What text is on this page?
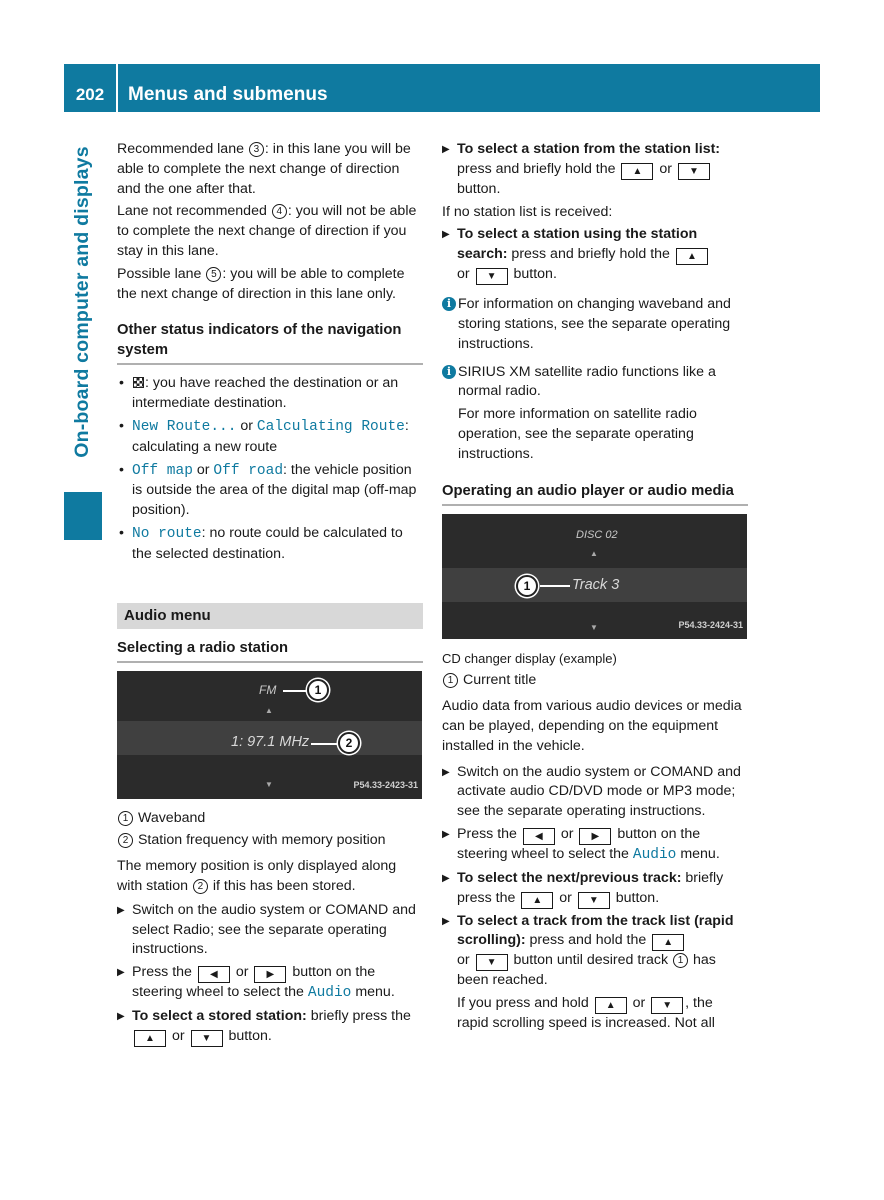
202	Menus and submenus
On-board computer and displays Recommended lane 3 : in this lane you will be able to complete the next change of direction and the one after that.

Lane not recommended 4 : you will not be able to complete the next change of direction if you stay in this lane.

Possible lane 5 : you will be able to complete the next change of direction in this lane only.

Other status indicators of the navigation system
• : you have reached the destination or an intermediate destination.
• New Route... or Calculating Route: calculating a new route
• Off map or Off road: the vehicle position is outside the area of the digital map (off-map position).
• No route: no route could be calculated to the selected destination.
Audio menu
Selecting a radio station
FM	1
▲
1: 97.1 MHz	2
▼	P54.33-2423-31

1 Waveband

2 Station frequency with memory position

The memory position is only displayed along with station 2 if this has been stored.

▶ Switch on the audio system or COMAND and select Radio; see the separate operating instructions.
▶ Press the ◀ or ▶ button on the steering wheel to select the Audio menu.
▶ To select a stored station: briefly press the ▲ or ▼ button.
▶ To select a station from the station list: press and briefly hold the ▲ or ▼ button.

If no station list is received:

▶ To select a station using the station search: press and briefly hold the ▲
or ▼ button.
i For information on changing waveband and storing stations, see the separate operating instructions.
i SIRIUS XM satellite radio functions like a normal radio.

For more information on satellite radio operation, see the separate operating instructions.

Operating an audio player or audio media
DISC 02
▲
1	Track 3
▼	P54.33-2424-31

CD changer display (example)

1 Current title

Audio data from various audio devices or media can be played, depending on the equipment installed in the vehicle.

▶ Switch on the audio system or COMAND and activate audio CD/DVD mode or MP3 mode; see the separate operating instructions.
▶ Press the ◀ or ▶ button on the steering wheel to select the Audio menu.
▶ To select the next/previous track: briefly press the ▲ or ▼ button.
▶ To select a track from the track list (rapid scrolling): press and hold the ▲
or ▼ button until desired track 1 has been reached.

If you press and hold ▲ or ▼ , the rapid scrolling speed is increased. Not all
